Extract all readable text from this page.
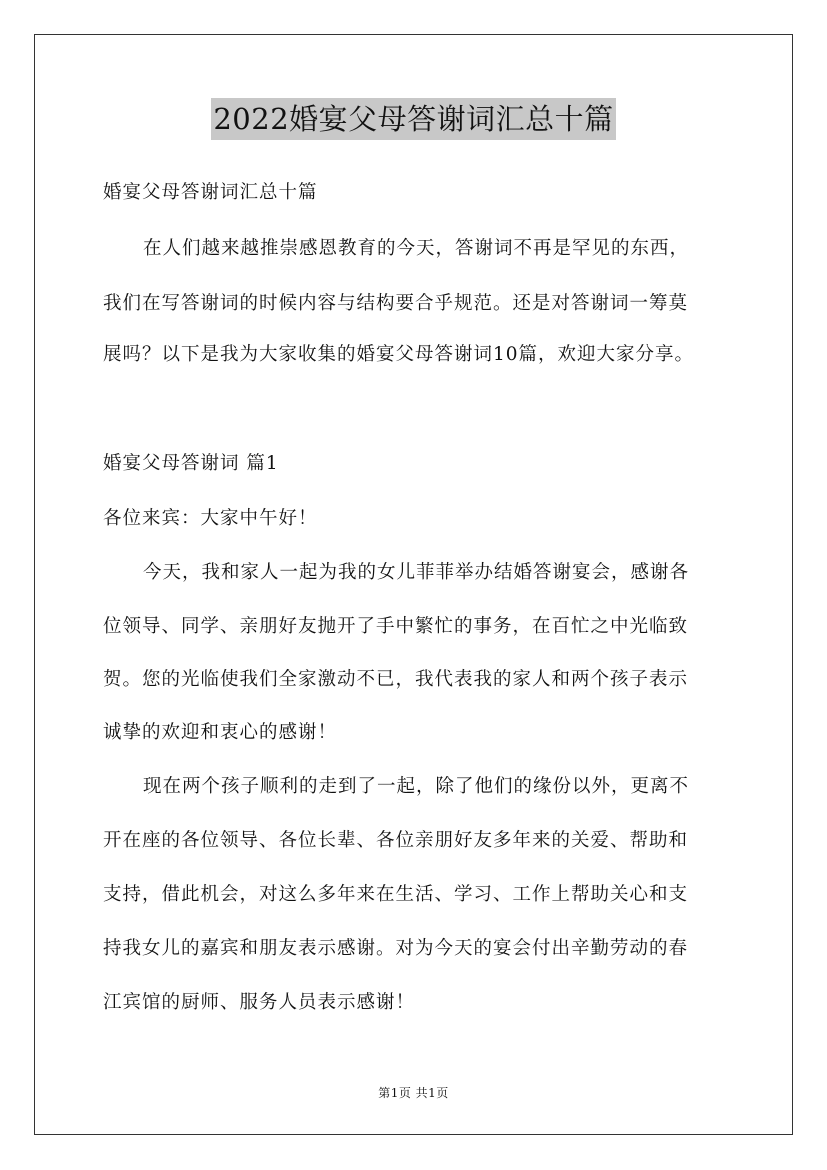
2022婚宴父母答谢词汇总十篇
婚宴父母答谢词汇总十篇
在人们越来越推崇感恩教育的今天，答谢词不再是罕见的东西，
我们在写答谢词的时候内容与结构要合乎规范。还是对答谢词一筹莫
展吗？以下是我为大家收集的婚宴父母答谢词10篇，欢迎大家分享。
婚宴父母答谢词 篇1
各位来宾：大家中午好！
今天，我和家人一起为我的女儿菲菲举办结婚答谢宴会，感谢各
位领导、同学、亲朋好友抛开了手中繁忙的事务，在百忙之中光临致
贺。您的光临使我们全家激动不已，我代表我的家人和两个孩子表示
诚挚的欢迎和衷心的感谢！
现在两个孩子顺利的走到了一起，除了他们的缘份以外，更离不
开在座的各位领导、各位长辈、各位亲朋好友多年来的关爱、帮助和
支持，借此机会，对这么多年来在生活、学习、工作上帮助关心和支
持我女儿的嘉宾和朋友表示感谢。对为今天的宴会付出辛勤劳动的春
江宾馆的厨师、服务人员表示感谢！
第1页 共1页
